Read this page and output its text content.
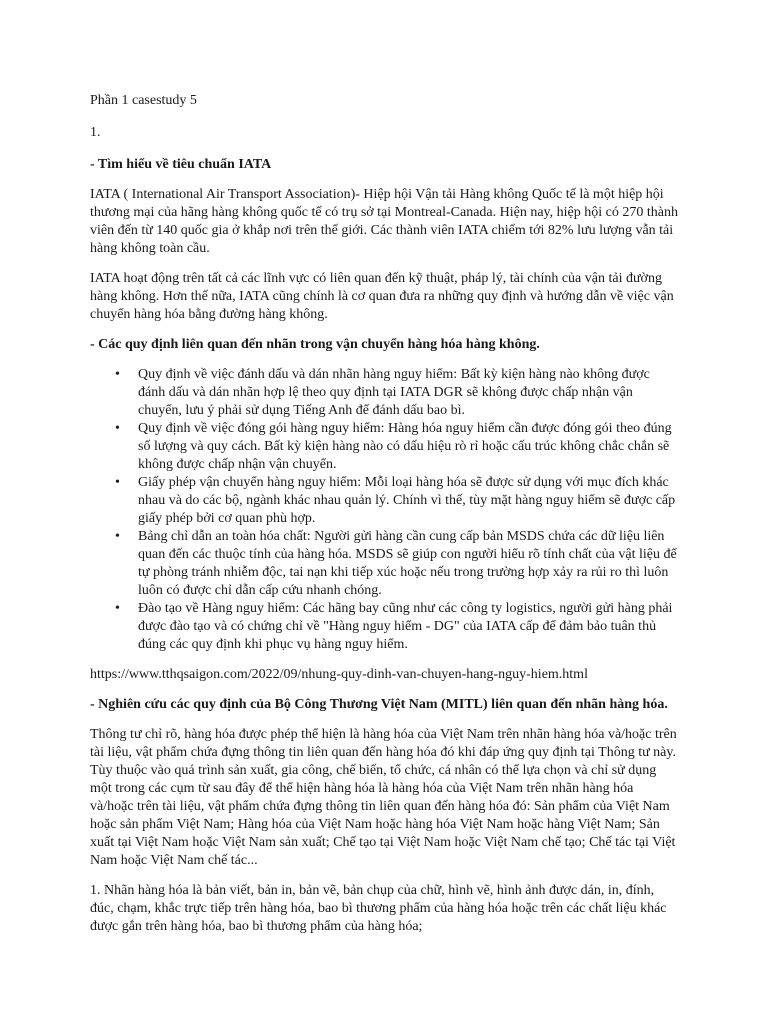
Phần 1 casestudy 5

1.

- Tìm hiểu về tiêu chuẩn IATA

IATA ( International Air Transport Association)- Hiệp hội Vận tải Hàng không Quốc tế là một hiệp hội thương mại của hãng hàng không quốc tế có trụ sở tại Montreal-Canada. Hiện nay, hiệp hội có 270 thành viên đến từ 140 quốc gia ở khắp nơi trên thế giới. Các thành viên IATA chiếm tới 82% lưu lượng vẫn tải hàng không toàn cầu.

IATA hoạt động trên tất cả các lĩnh vực có liên quan đến kỹ thuật, pháp lý, tài chính của vận tải đường hàng không. Hơn thế nữa, IATA cũng chính là cơ quan đưa ra những quy định và hướng dẫn về việc vận chuyển hàng hóa bằng đường hàng không.

- Các quy định liên quan đến nhãn trong vận chuyển hàng hóa hàng không.

• Quy định về việc đánh dấu và dán nhãn hàng nguy hiểm: Bất kỳ kiện hàng nào không được đánh dấu và dán nhãn hợp lệ theo quy định tại IATA DGR sẽ không được chấp nhận vận chuyển, lưu ý phải sử dụng Tiếng Anh để đánh dấu bao bì.
• Quy định về việc đóng gói hàng nguy hiểm: Hàng hóa nguy hiểm cần được đóng gói theo đúng số lượng và quy cách. Bất kỳ kiện hàng nào có dấu hiệu rò rỉ hoặc cấu trúc không chắc chắn sẽ không được chấp nhận vận chuyển.
• Giấy phép vận chuyển hàng nguy hiểm: Mỗi loại hàng hóa sẽ được sử dụng với mục đích khác nhau và do các bộ, ngành khác nhau quản lý. Chính vì thế, tùy mặt hàng nguy hiểm sẽ được cấp giấy phép bởi cơ quan phù hợp.
• Bảng chỉ dẫn an toàn hóa chất: Người gửi hàng cần cung cấp bản MSDS chứa các dữ liệu liên quan đến các thuộc tính của hàng hóa. MSDS sẽ giúp con người hiểu rõ tính chất của vật liệu để tự phòng tránh nhiễm độc, tai nạn khi tiếp xúc hoặc nếu trong trường hợp xảy ra rủi ro thì luôn luôn có được chỉ dẫn cấp cứu nhanh chóng.
• Đào tạo về Hàng nguy hiểm: Các hãng bay cũng như các công ty logistics, người gửi hàng phải được đào tạo và có chứng chỉ về "Hàng nguy hiểm - DG" của IATA cấp để đảm bảo tuân thủ đúng các quy định khi phục vụ hàng nguy hiểm.

https://www.tthqsaigon.com/2022/09/nhung-quy-dinh-van-chuyen-hang-nguy-hiem.html

- Nghiên cứu các quy định của Bộ Công Thương Việt Nam (MITL) liên quan đến nhãn hàng hóa.

Thông tư chỉ rõ, hàng hóa được phép thể hiện là hàng hóa của Việt Nam trên nhãn hàng hóa và/hoặc trên tài liệu, vật phẩm chứa đựng thông tin liên quan đến hàng hóa đó khi đáp ứng quy định tại Thông tư này. Tùy thuộc vào quá trình sản xuất, gia công, chế biến, tổ chức, cá nhân có thể lựa chọn và chỉ sử dụng một trong các cụm từ sau đây để thể hiện hàng hóa là hàng hóa của Việt Nam trên nhãn hàng hóa và/hoặc trên tài liệu, vật phẩm chứa đựng thông tin liên quan đến hàng hóa đó: Sản phẩm của Việt Nam hoặc sản phẩm Việt Nam; Hàng hóa của Việt Nam hoặc hàng hóa Việt Nam hoặc hàng Việt Nam; Sản xuất tại Việt Nam hoặc Việt Nam sản xuất; Chế tạo tại Việt Nam hoặc Việt Nam chế tạo; Chế tác tại Việt Nam hoặc Việt Nam chế tác...

1. Nhãn hàng hóa là bản viết, bản in, bản vẽ, bản chụp của chữ, hình vẽ, hình ảnh được dán, in, đính, đúc, chạm, khắc trực tiếp trên hàng hóa, bao bì thương phẩm của hàng hóa hoặc trên các chất liệu khác được gắn trên hàng hóa, bao bì thương phẩm của hàng hóa;
